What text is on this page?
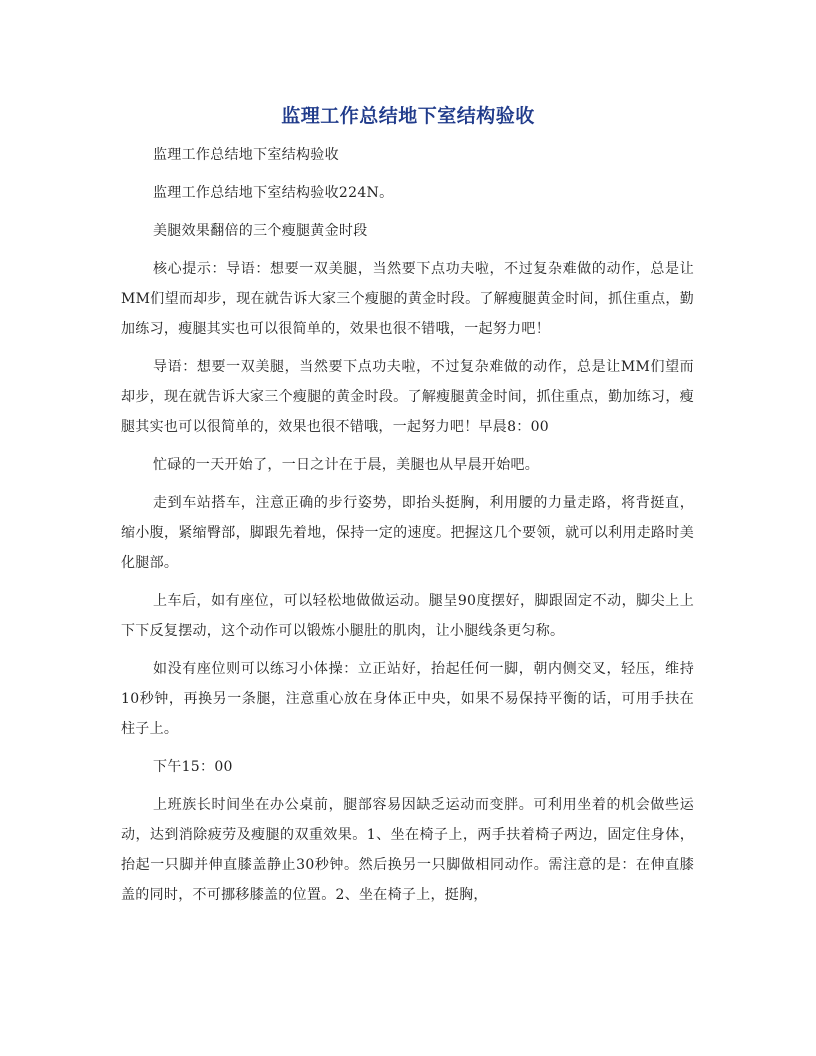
监理工作总结地下室结构验收

监理工作总结地下室结构验收

监理工作总结地下室结构验收224N。

美腿效果翻倍的三个瘦腿黄金时段

核心提示：导语：想要一双美腿，当然要下点功夫啦，不过复杂难做的动作，总是让MM们望而却步，现在就告诉大家三个瘦腿的黄金时段。了解瘦腿黄金时间，抓住重点，勤加练习，瘦腿其实也可以很简单的，效果也很不错哦，一起努力吧！

导语：想要一双美腿，当然要下点功夫啦，不过复杂难做的动作，总是让MM们望而却步，现在就告诉大家三个瘦腿的黄金时段。了解瘦腿黄金时间，抓住重点，勤加练习，瘦腿其实也可以很简单的，效果也很不错哦，一起努力吧！早晨8：00

忙碌的一天开始了，一日之计在于晨，美腿也从早晨开始吧。

走到车站搭车，注意正确的步行姿势，即抬头挺胸，利用腰的力量走路，将背挺直，缩小腹，紧缩臀部，脚跟先着地，保持一定的速度。把握这几个要领，就可以利用走路时美化腿部。

上车后，如有座位，可以轻松地做做运动。腿呈90度摆好，脚跟固定不动，脚尖上上下下反复摆动，这个动作可以锻炼小腿肚的肌肉，让小腿线条更匀称。

如没有座位则可以练习小体操：立正站好，抬起任何一脚，朝内侧交叉，轻压，维持10秒钟，再换另一条腿，注意重心放在身体正中央，如果不易保持平衡的话，可用手扶在柱子上。

下午15：00

上班族长时间坐在办公桌前，腿部容易因缺乏运动而变胖。可利用坐着的机会做些运动，达到消除疲劳及瘦腿的双重效果。1、坐在椅子上，两手扶着椅子两边，固定住身体，抬起一只脚并伸直膝盖静止30秒钟。然后换另一只脚做相同动作。需注意的是：在伸直膝盖的同时，不可挪移膝盖的位置。2、坐在椅子上，挺胸，
